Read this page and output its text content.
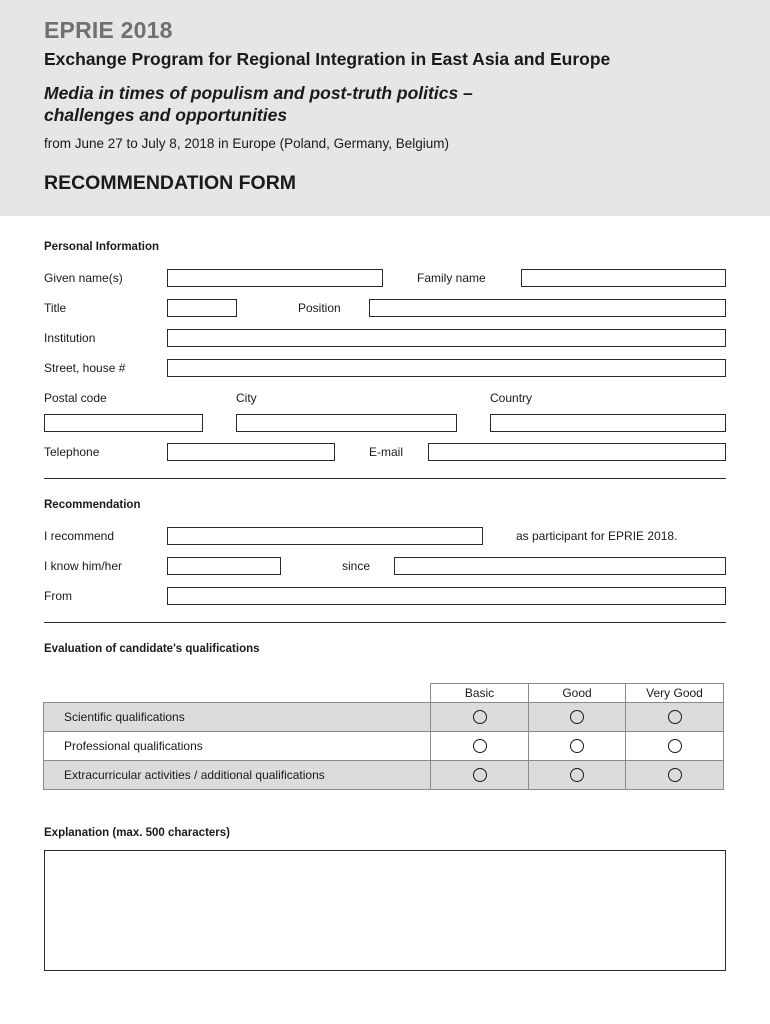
EPRIE 2018
Exchange Program for Regional Integration in East Asia and Europe
Media in times of populism and post-truth politics –
challenges and opportunities
from June 27 to July 8, 2018 in Europe (Poland, Germany, Belgium)
RECOMMENDATION FORM
Personal Information
Given name(s)	Family name
Title	Position
Institution
Street, house #
Postal code	City	Country
Telephone	E-mail
Recommendation
I recommend	as participant for EPRIE 2018.
I know him/her	since
From
Evaluation of candidate's qualifications
	Basic	Good	Very Good
Scientific qualifications			
Professional qualifications			
Extracurricular activities / additional qualifications			
Explanation (max. 500 characters)
